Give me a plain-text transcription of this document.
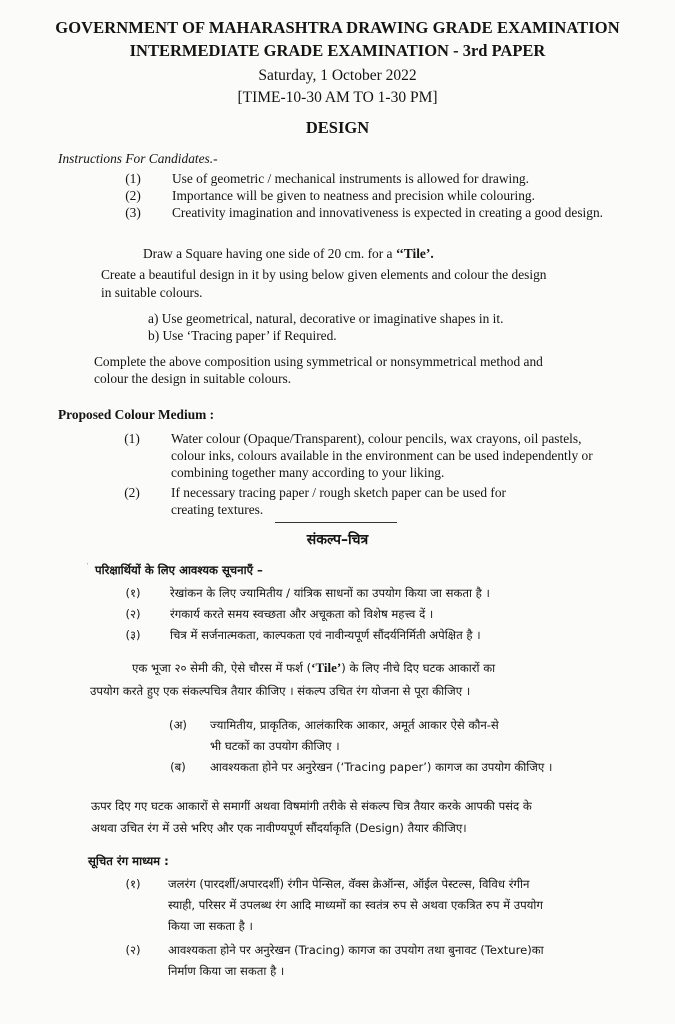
GOVERNMENT OF MAHARASHTRA DRAWING GRADE EXAMINATION
INTERMEDIATE GRADE EXAMINATION - 3rd PAPER
Saturday, 1 October 2022
[TIME-10-30 AM TO 1-30 PM]
DESIGN
Instructions For Candidates.-
(1)	Use of geometric / mechanical instruments is allowed for drawing.
(2)	Importance will be given to neatness and precision while colouring.
(3)	Creativity imagination and innovativeness is expected in creating a good design.
Draw a Square having one side of 20 cm. for a ‘‘Tile’.
Create a beautiful design in it by using below given elements and colour the design
in suitable colours.
a) Use geometrical, natural, decorative or imaginative shapes in it.
b) Use ‘Tracing paper’ if Required.
Complete the above composition using symmetrical or nonsymmetrical method and
colour the design in suitable colours.
Proposed Colour Medium :
(1)	Water colour (Opaque/Transparent), colour pencils, wax crayons, oil pastels,
colour inks, colours available in the environment can be used independently or
combining together many according to your liking.
(2)	If necessary tracing paper / rough sketch paper can be used for
creating textures.
संकल्प–चित्र
ˈ परिक्षार्थियों के लिए आवश्यक सूचनाएँ –
(१)	रेखांकन के लिए ज्यामितीय / यांत्रिक साधनों का उपयोग किया जा सकता है ।
(२)	रंगकार्य करते समय स्वच्छता और अचूकता को विशेष महत्त्व दें ।
(३)	चित्र में सर्जनात्मकता, काल्पकता एवं नावीन्यपूर्ण सौंदर्यनिर्मिती अपेक्षित है ।
एक भूजा २० सेमी की, ऐसे चौरस में फर्श (‘Tile’) के लिए नीचे दिए घटक आकारों का
उपयोग करते हुए एक संकल्पचित्र तैयार कीजिए । संकल्प उचित रंग योजना से पूरा कीजिए ।
(अ)	ज्यामितीय, प्राकृतिक, आलंकारिक आकार, अमूर्त आकार ऐसे कौन-से
भी घटकों का उपयोग कीजिए ।
(ब)	आवश्यकता होने पर अनुरेखन (‘Tracing paper’) कागज का उपयोग कीजिए ।
ऊपर दिए गए घटक आकारों से समागीं अथवा विषमांगी तरीके से संकल्प चित्र तैयार करके आपकी पसंद के
अथवा उचित रंग में उसे भरिए और एक नावीण्यपूर्ण सौंदर्याकृति (Design) तैयार कीजिए।
सूचित रंग माध्यम :
(१)	जलरंग (पारदर्शी/अपारदर्शी) रंगीन पेन्सिल, वॅक्स क्रेऑन्स, ऑईल पेस्टल्स, विविध रंगीन
स्याही, परिसर में उपलब्ध रंग आदि माध्यमों का स्वतंत्र रुप से अथवा एकत्रित रुप में उपयोग
किया जा सकता है ।
(२)	आवश्यकता होने पर अनुरेखन (Tracing) कागज का उपयोग तथा बुनावट (Texture)का
निर्माण किया जा सकता है ।
